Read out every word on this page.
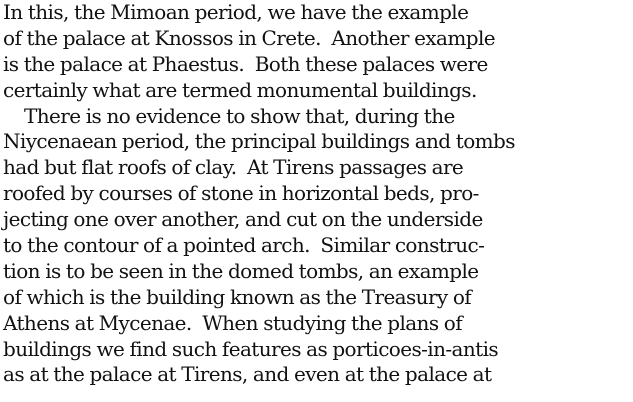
In this, the Mimoan period, we have the example
of the palace at Knossos in Crete.  Another example
is the palace at Phaestus.  Both these palaces were
certainly what are termed monumental buildings.
There is no evidence to show that, during the
Niycenaean period, the principal buildings and tombs
had but flat roofs of clay.  At Tirens passages are
roofed by courses of stone in horizontal beds, pro-
jecting one over another, and cut on the underside
to the contour of a pointed arch.  Similar construc-
tion is to be seen in the domed tombs, an example
of which is the building known as the Treasury of
Athens at Mycenae.  When studying the plans of
buildings we find such features as porticoes-in-antis
as at the palace at Tirens, and even at the palace at
